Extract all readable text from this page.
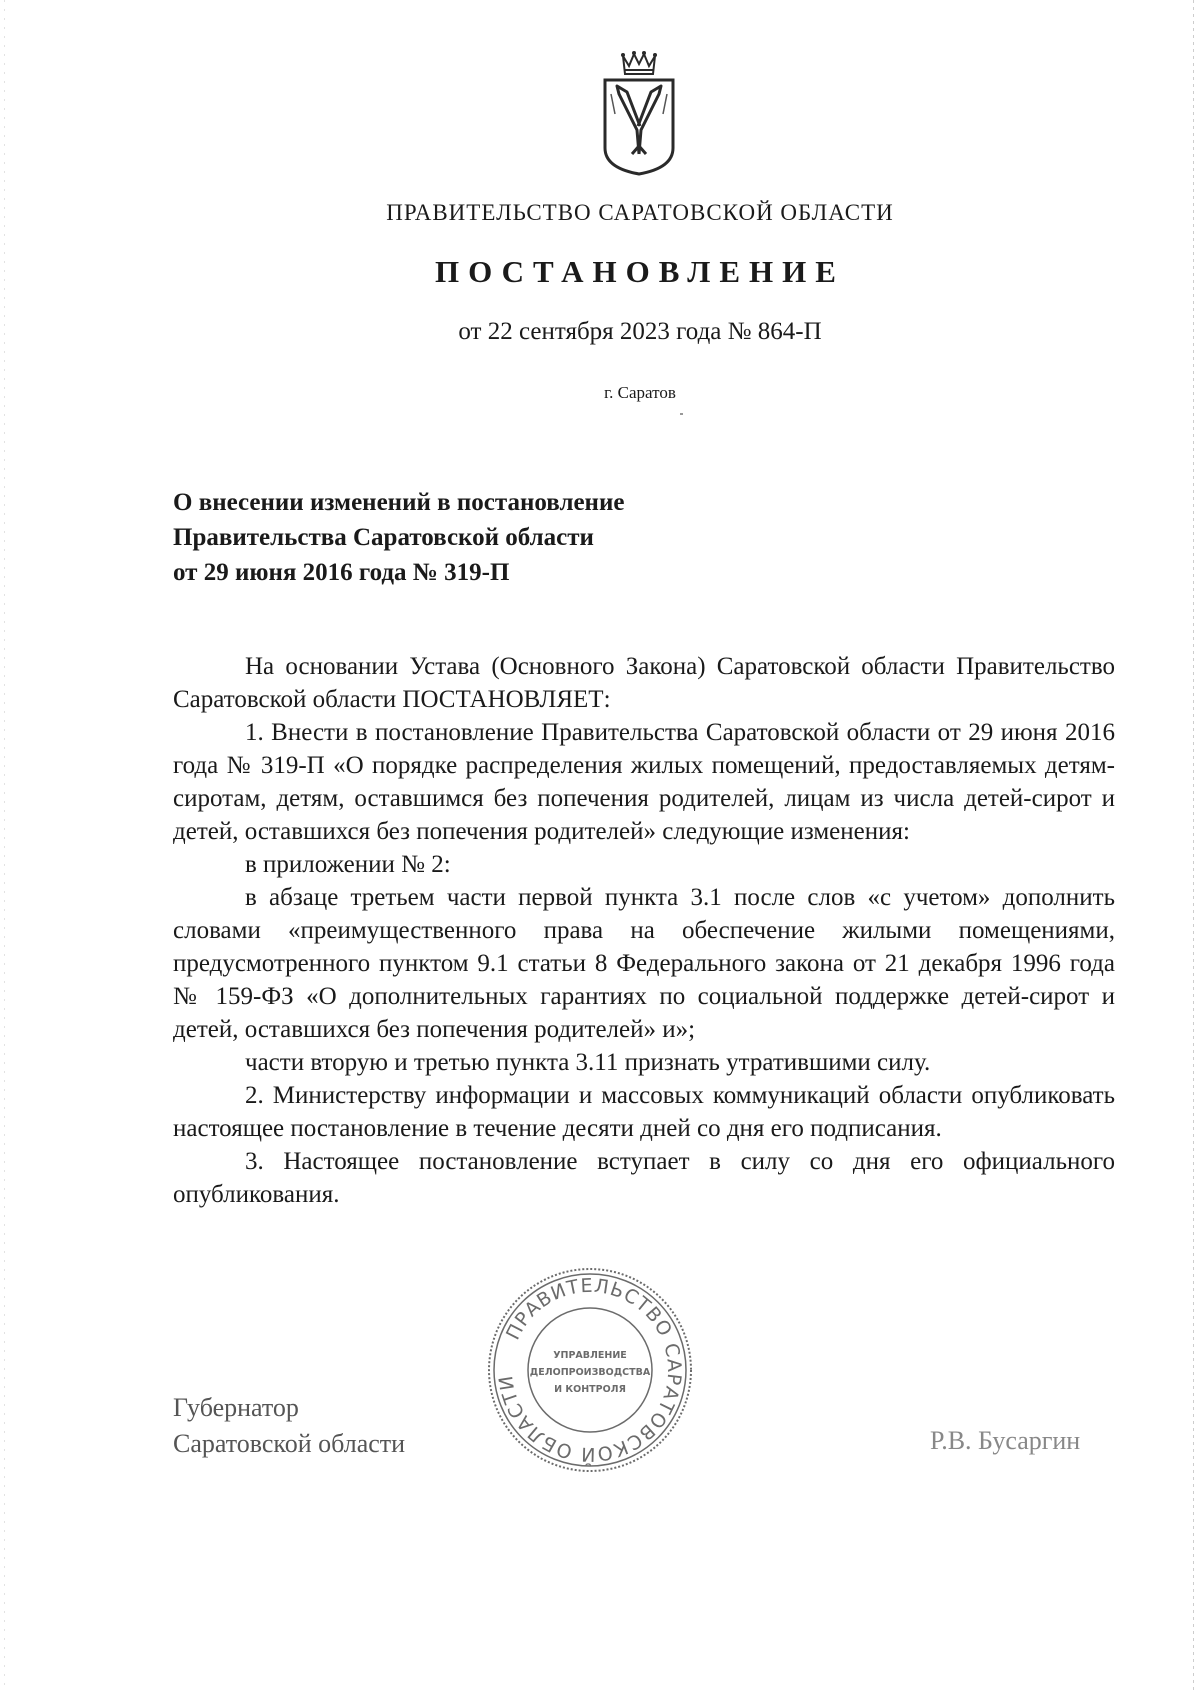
ПРАВИТЕЛЬСТВО САРАТОВСКОЙ ОБЛАСТИ
ПОСТАНОВЛЕНИЕ
от 22 сентября 2023 года № 864-П
г. Саратов
О внесении изменений в постановление
Правительства Саратовской области
от 29 июня 2016 года № 319-П

На основании Устава (Основного Закона) Саратовской области Правительство Саратовской области ПОСТАНОВЛЯЕТ:

1. Внести в постановление Правительства Саратовской области от 29 июня 2016 года № 319-П «О порядке распределения жилых помещений, предоставляемых детям-сиротам, детям, оставшимся без попечения родителей, лицам из числа детей-сирот и детей, оставшихся без попечения родителей» следующие изменения:

в приложении № 2:

в абзаце третьем части первой пункта 3.1 после слов «с учетом» дополнить словами «преимущественного права на обеспечение жилыми помещениями, предусмотренного пунктом 9.1 статьи 8 Федерального закона от 21 декабря 1996 года № 159-ФЗ «О дополнительных гарантиях по социальной поддержке детей-сирот и детей, оставшихся без попечения родителей» и»;

части вторую и третью пункта 3.11 признать утратившими силу.

2. Министерству информации и массовых коммуникаций области опубликовать настоящее постановление в течение десяти дней со дня его подписания.

3. Настоящее постановление вступает в силу со дня его официального опубликования.

ПРАВИТЕЛЬСТВО САРАТОВСКОЙ ОБЛАСТИ
УПРАВЛЕНИЕ
ДЕЛОПРОИЗВОДСТВА
И КОНТРОЛЯ
Губернатор
Саратовской области	Р.В. Бусаргин
